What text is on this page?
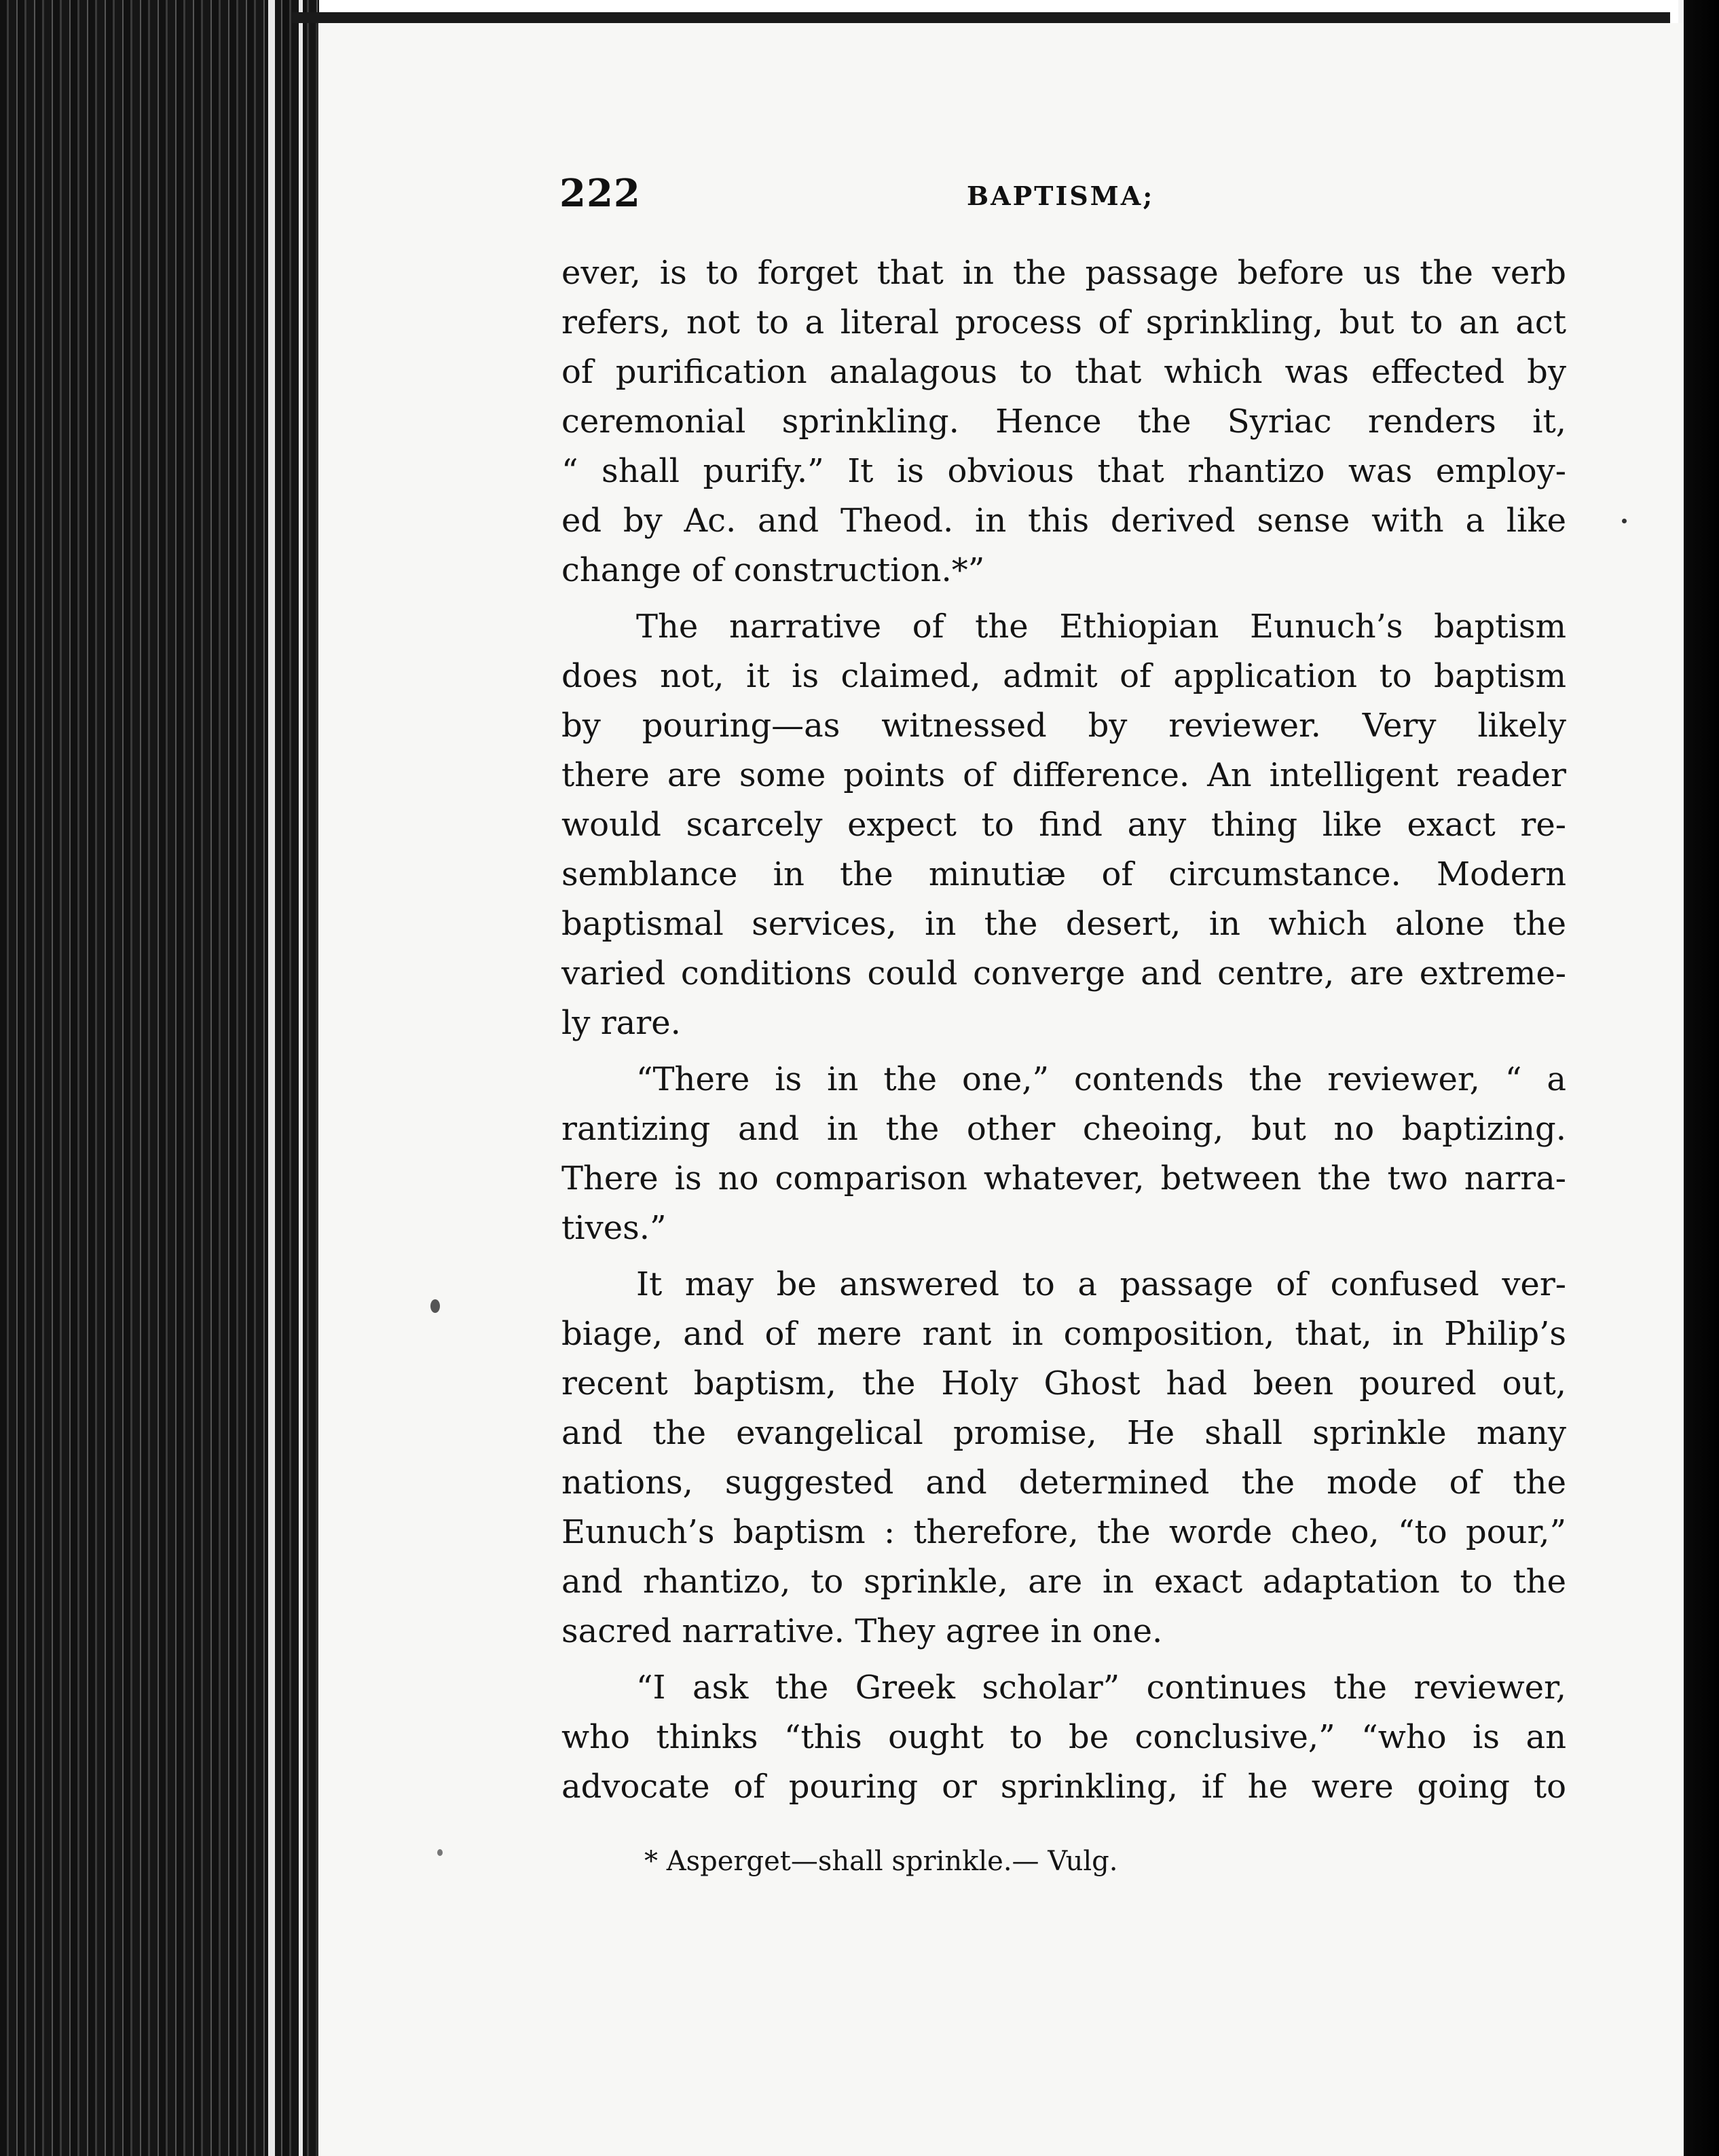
222	BAPTISMA;
ever, is to forget that in the passage before us the verb
refers, not to a literal process of sprinkling, but to an act
of purification analagous to that which was effected by
ceremonial sprinkling. Hence the Syriac renders it,
“ shall purify.” It is obvious that rhantizo was employ-
ed by Ac. and Theod. in this derived sense with a like
change of construction.*”
The narrative of the Ethiopian Eunuch’s baptism
does not, it is claimed, admit of application to baptism
by pouring—as witnessed by reviewer. Very likely
there are some points of difference. An intelligent reader
would scarcely expect to find any thing like exact re-
semblance in the minutiæ of circumstance. Modern
baptismal services, in the desert, in which alone the
varied conditions could converge and centre, are extreme-
ly rare.
“There is in the one,” contends the reviewer, “ a
rantizing and in the other cheoing, but no baptizing.
There is no comparison whatever, between the two narra-
tives.”
It may be answered to a passage of confused ver-
biage, and of mere rant in composition, that, in Philip’s
recent baptism, the Holy Ghost had been poured out,
and the evangelical promise, He shall sprinkle many
nations, suggested and determined the mode of the
Eunuch’s baptism : therefore, the worde cheo, “to pour,”
and rhantizo, to sprinkle, are in exact adaptation to the
sacred narrative. They agree in one.
“I ask the Greek scholar” continues the reviewer,
who thinks “this ought to be conclusive,” “who is an
advocate of pouring or sprinkling, if he were going to
* Asperget—shall sprinkle.— Vulg.
